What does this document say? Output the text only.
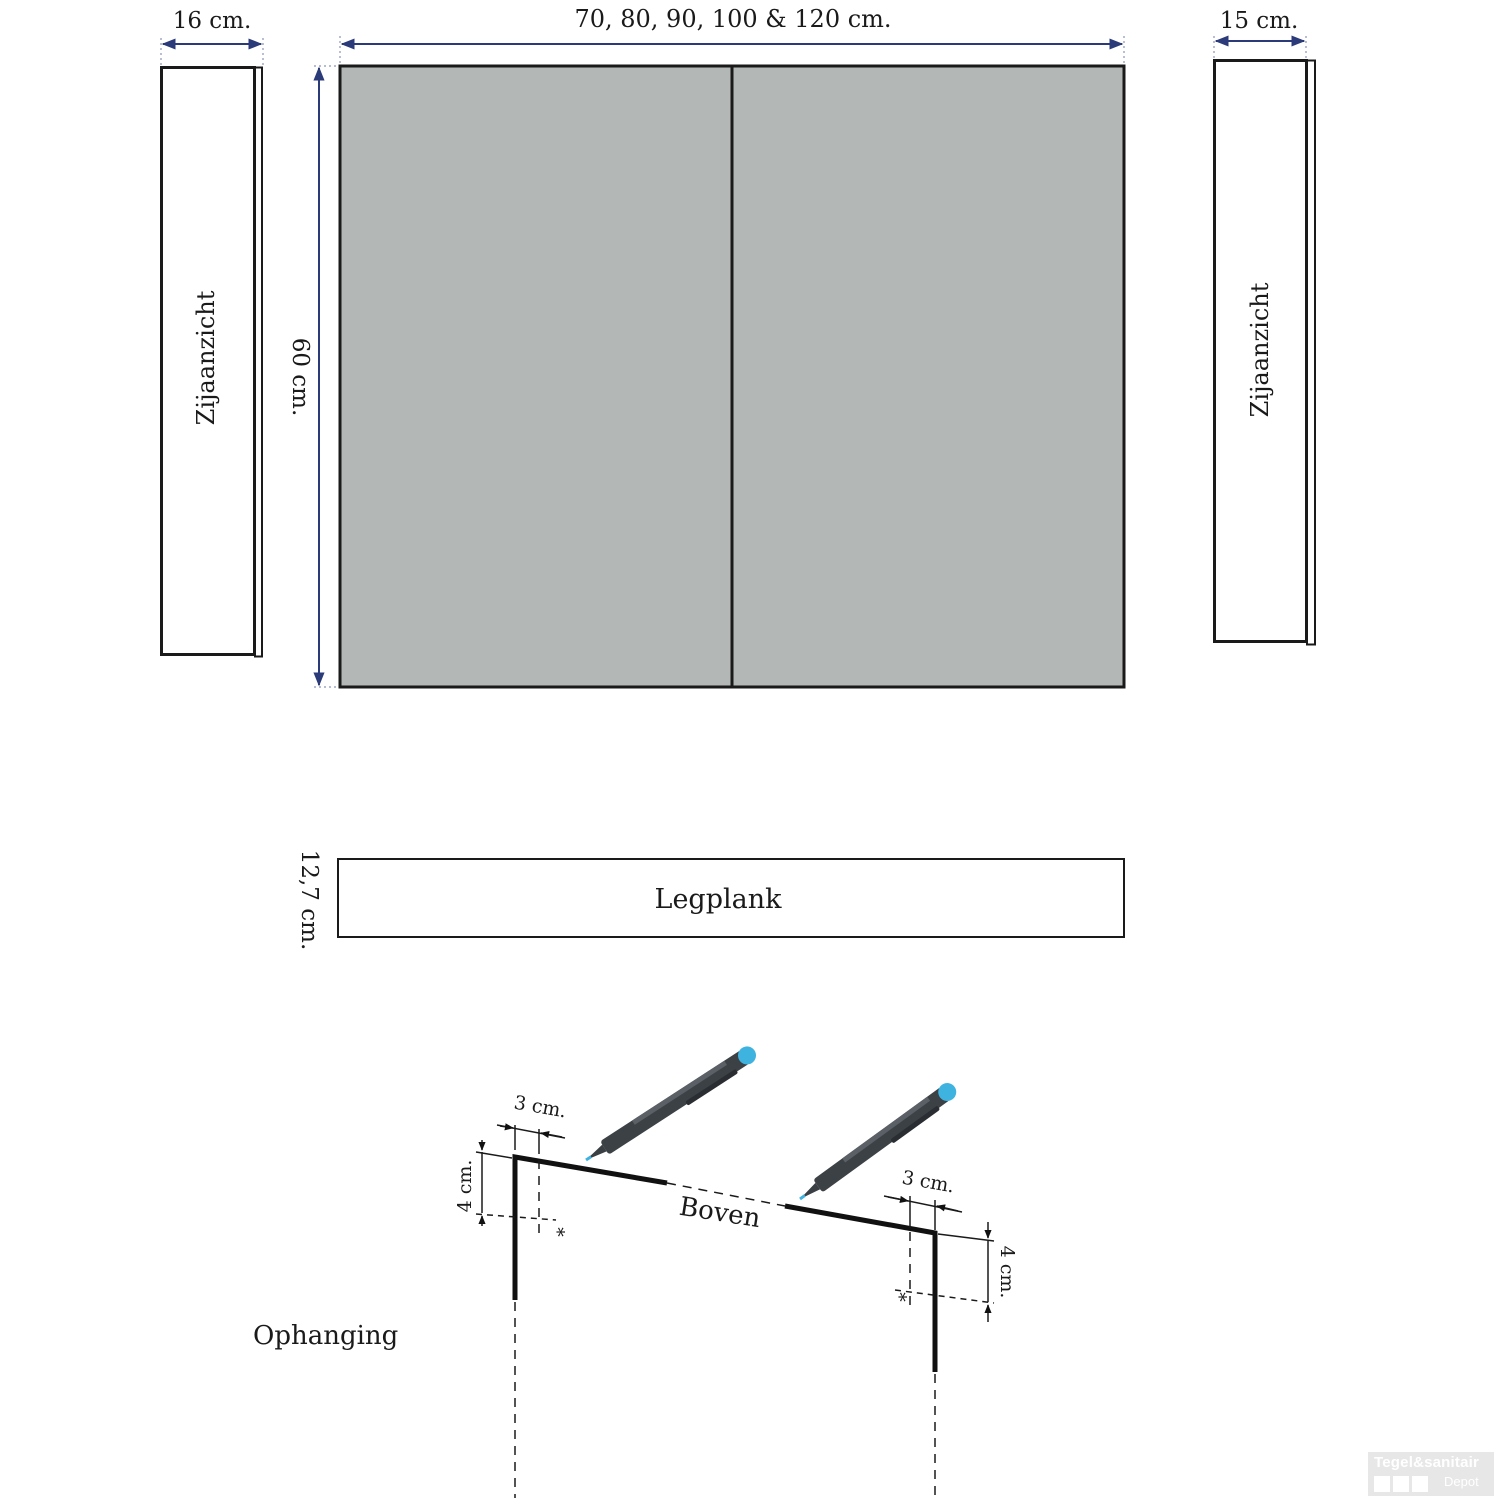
16 cm.
Zijaanzicht
70, 80, 90, 100 & 120 cm.
60 cm.
15 cm.
Zijaanzicht
Legplank
12,7 cm.
Ophanging
Boven
3 cm.
*
4 cm.	3 cm.
*	4 cm.
Tegel&sanitair
Depot
